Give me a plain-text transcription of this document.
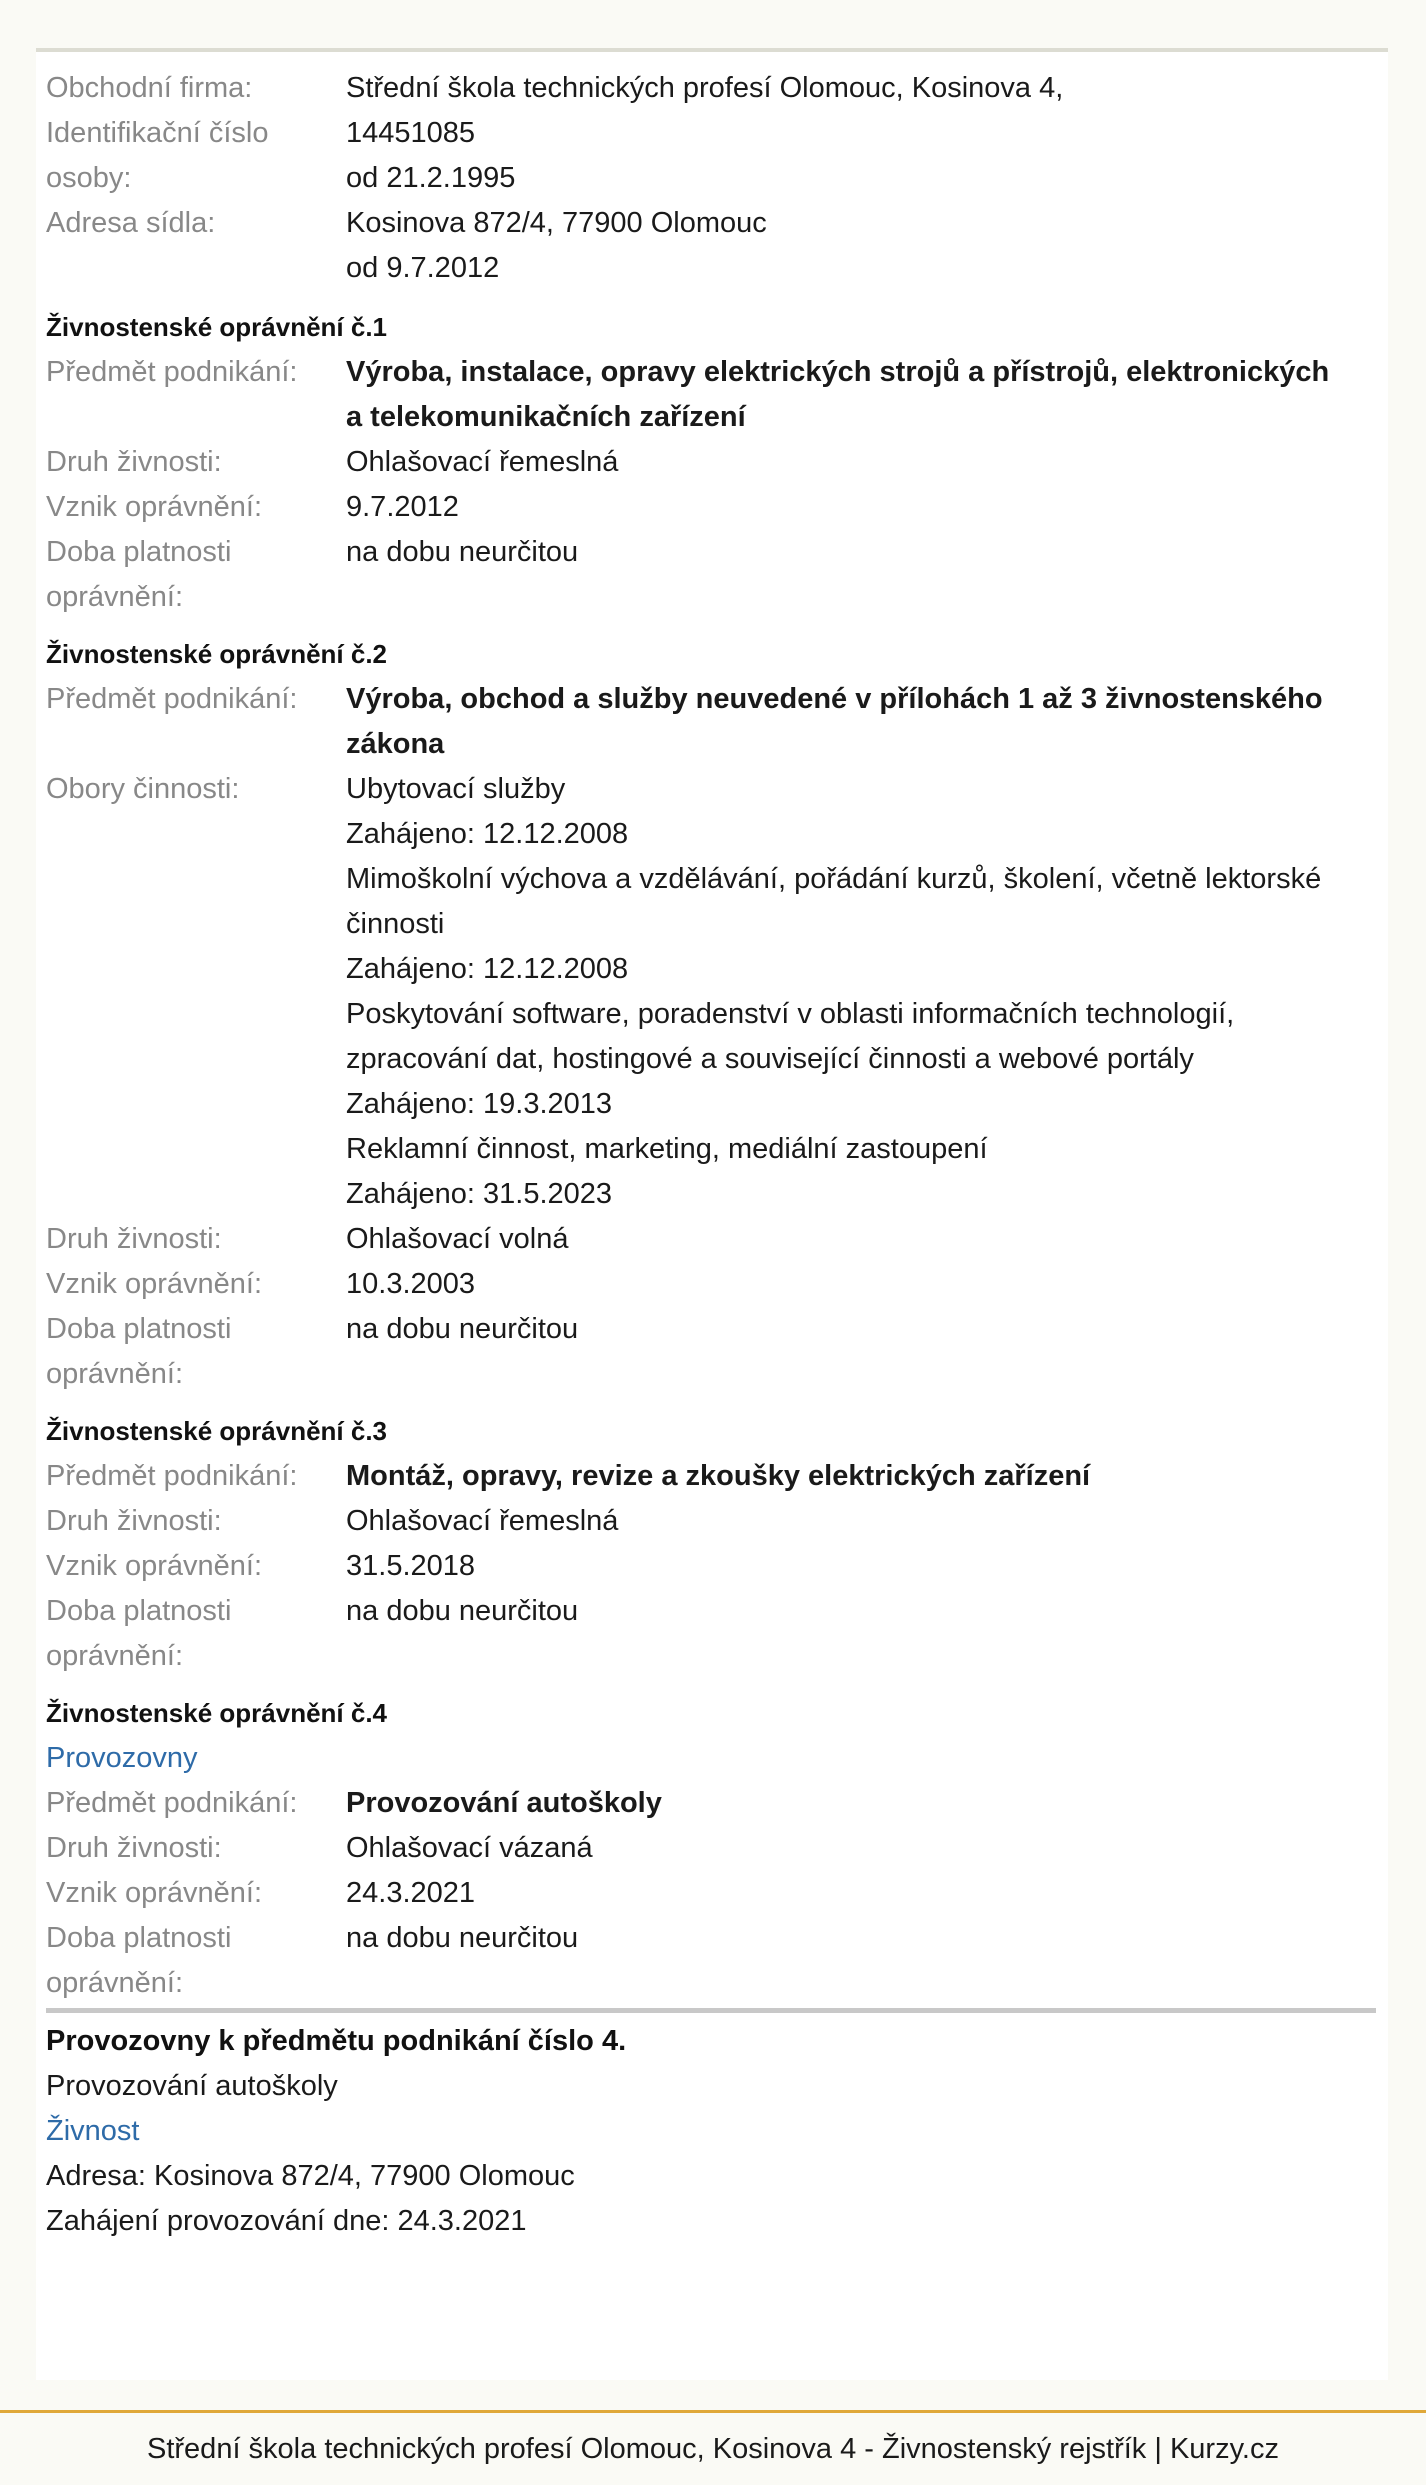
Obchodní firma:	Střední škola technických profesí Olomouc, Kosinova 4,
Identifikační číslo
osoby:
14451085
od 21.2.1995
Adresa sídla:	Kosinova 872/4, 77900 Olomouc
od 9.7.2012
Živnostenské oprávnění č.1
Předmět podnikání:	Výroba, instalace, opravy elektrických strojů a přístrojů, elektronických
a telekomunikačních zařízení
Druh živnosti:	Ohlašovací řemeslná
Vznik oprávnění:	9.7.2012
Doba platnosti
oprávnění:
na dobu neurčitou
Živnostenské oprávnění č.2
Předmět podnikání:	Výroba, obchod a služby neuvedené v přílohách 1 až 3 živnostenského
zákona
Obory činnosti:	Ubytovací služby
Zahájeno: 12.12.2008
Mimoškolní výchova a vzdělávání, pořádání kurzů, školení, včetně lektorské
činnosti
Zahájeno: 12.12.2008
Poskytování software, poradenství v oblasti informačních technologií,
zpracování dat, hostingové a související činnosti a webové portály
Zahájeno: 19.3.2013
Reklamní činnost, marketing, mediální zastoupení
Zahájeno: 31.5.2023
Druh živnosti:	Ohlašovací volná
Vznik oprávnění:	10.3.2003
Doba platnosti
oprávnění:
na dobu neurčitou
Živnostenské oprávnění č.3
Předmět podnikání:	Montáž, opravy, revize a zkoušky elektrických zařízení
Druh živnosti:	Ohlašovací řemeslná
Vznik oprávnění:	31.5.2018
Doba platnosti
oprávnění:
na dobu neurčitou
Živnostenské oprávnění č.4
Provozovny
Předmět podnikání:	Provozování autoškoly
Druh živnosti:	Ohlašovací vázaná
Vznik oprávnění:	24.3.2021
Doba platnosti
oprávnění:
na dobu neurčitou
Provozovny k předmětu podnikání číslo 4.
Provozování autoškoly
Živnost
Adresa: Kosinova 872/4, 77900 Olomouc
Zahájení provozování dne: 24.3.2021
Střední škola technických profesí Olomouc, Kosinova 4 - Živnostenský rejstřík | Kurzy.cz
